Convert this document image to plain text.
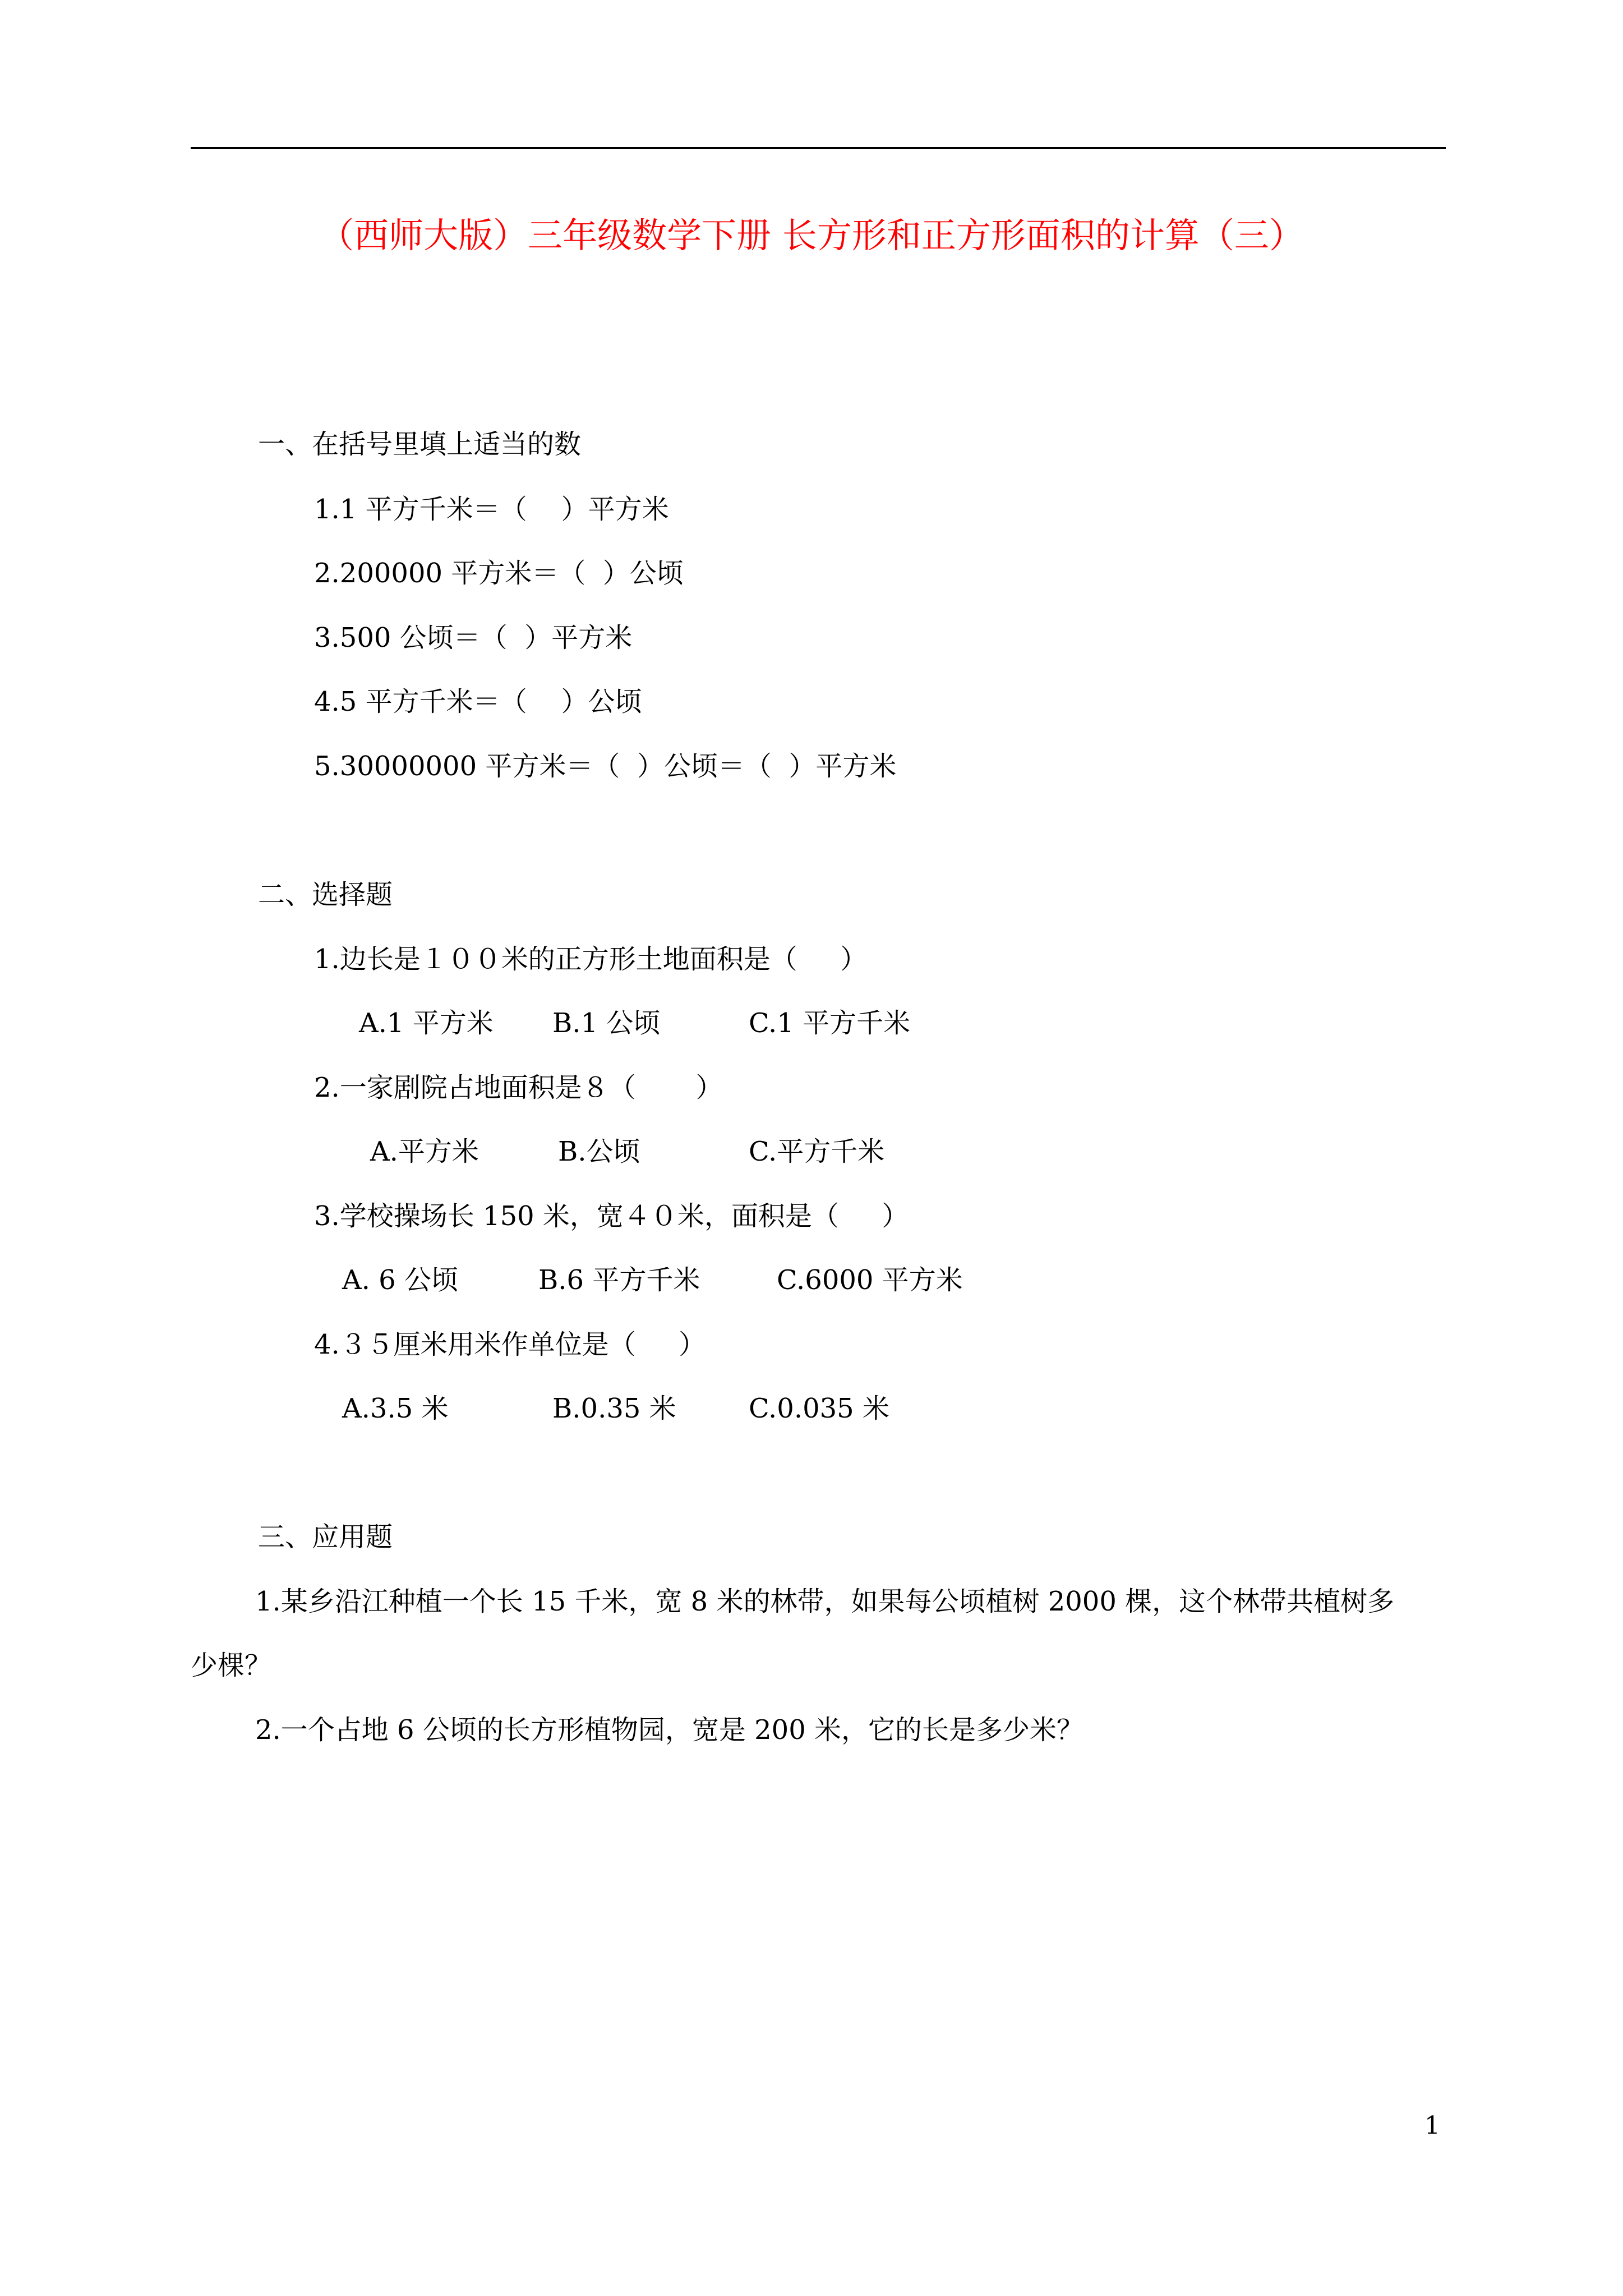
（西师大版）三年级数学下册 长方形和正方形面积的计算（三）
一、在括号里填上适当的数
1.1 平方千米＝（    ）平方米
2.200000 平方米＝（  ）公顷
3.500 公顷＝（  ）平方米
4.5 平方千米＝（    ）公顷
5.30000000 平方米＝（  ）公顷＝（  ）平方米
二、选择题
1.边长是１００米的正方形土地面积是（     ）
A.1 平方米 B.1 公顷	C.1 平方千米
2.一家剧院占地面积是８（       ）
A.平方米	B.公顷	C.平方千米
3.学校操场长 150 米，宽４０米，面积是（     ）
A. 6 公顷	B.6 平方千米	C.6000 平方米
4.３５厘米用米作单位是（     ）
A.3.5 米	B.0.35 米	C.0.035 米
三、应用题
1.某乡沿江种植一个长 15 千米，宽 8 米的林带，如果每公顷植树 2000 棵，这个林带共植树多
少棵？
2.一个占地 6 公顷的长方形植物园，宽是 200 米，它的长是多少米？
1
